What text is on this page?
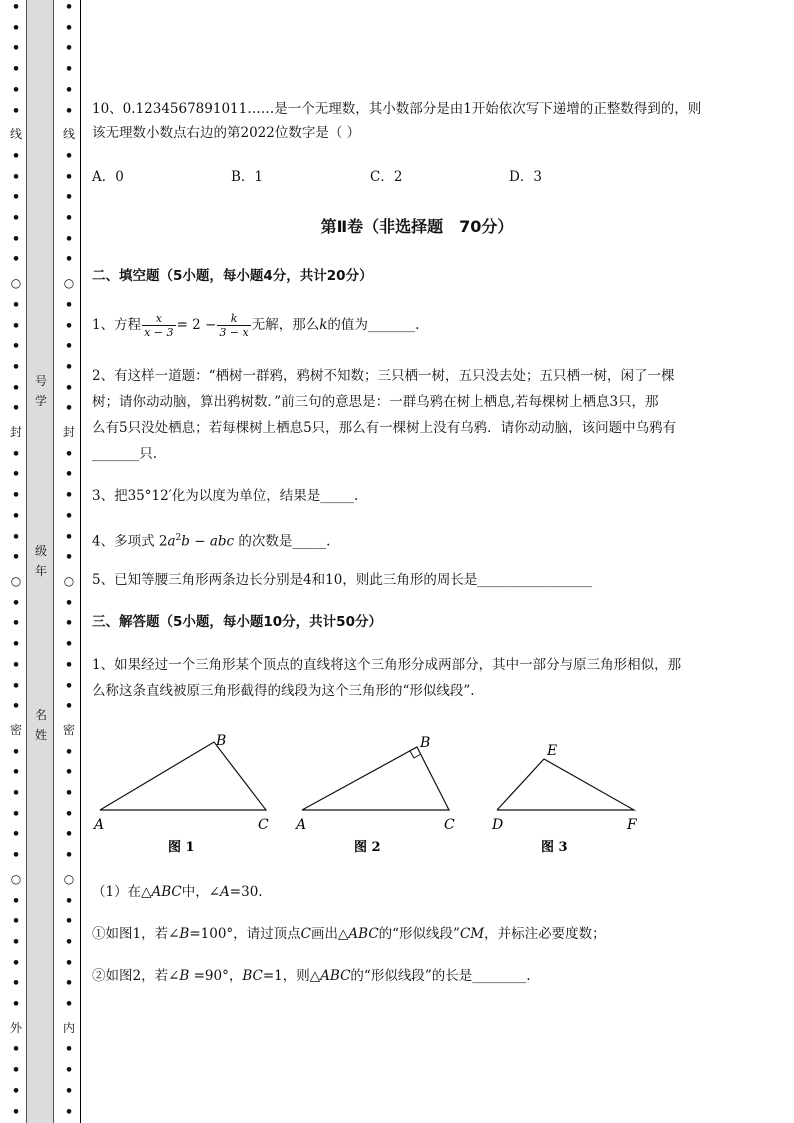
•
•
•
•
•
•
线
•
•
•
•
•
•
○
•
•
•
•
•
•
封
•
•
•
•
•
•
○
•
•
•
•
•
•
密
•
•
•
•
•
•
○
•
•
•
•
•
•
外
•
•
•
•
号
学
级
年
名
姓
•
•
•
•
•
•
线
•
•
•
•
•
•
○
•
•
•
•
•
•
封
•
•
•
•
•
•
○
•
•
•
•
•
•
密
•
•
•
•
•
•
○
•
•
•
•
•
•
内
•
•
•
•
10、0.1234567891011……是一个无理数，其小数部分是由1开始依次写下递增的正整数得到的，则
该无理数小数点右边的第2022位数字是（ ）
A．0	B．1	C．2	D．3
第Ⅱ卷（非选择题　70分）
二、填空题（5小题，每小题4分，共计20分）
1、方程 $\frac{x}{x - 3} = 2 - \frac{k}{3 - x}$ 无解，那么k的值为_______.
2、有这样一道题：“栖树一群鸦，鸦树不知数；三只栖一树，五只没去处；五只栖一树，闲了一棵
树；请你动动脑，算出鸦树数．”前三句的意思是：一群乌鸦在树上栖息,若每棵树上栖息3只，那
么有5只没处栖息；若每棵树上栖息5只，那么有一棵树上没有乌鸦．请你动动脑，该问题中乌鸦有
_______只.
3、把35°12′化为以度为单位，结果是_____.
4、多项式 $2a^2b$ − abc 的次数是_____.
5、已知等腰三角形两条边长分别是4和10，则此三角形的周长是_________________
三、解答题（5小题，每小题10分，共计50分）
1、如果经过一个三角形某个顶点的直线将这个三角形分成两部分，其中一部分与原三角形相似，那
么称这条直线被原三角形截得的线段为这个三角形的“形似线段”.
A
B
C
图 1
A
B
C
图 2
D
E
F
图 3
（1）在△ABC中，∠A=30.
①如图1，若∠B=100°，请过顶点C画出△ABC的“形似线段”CM，并标注必要度数；
②如图2，若∠B =90°，BC=1，则△ABC的“形似线段”的长是________.
